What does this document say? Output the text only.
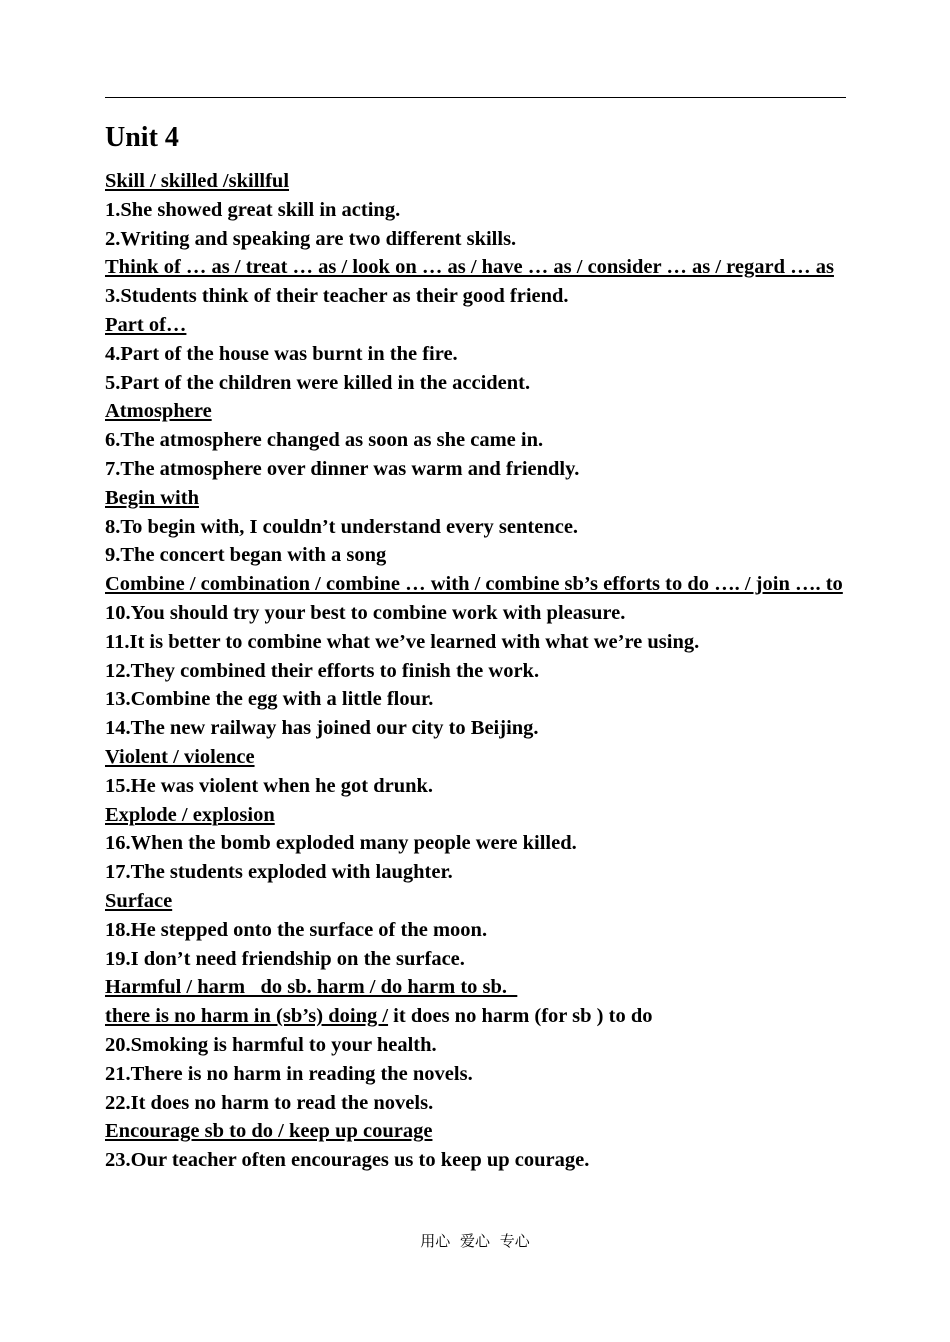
Unit 4
Skill / skilled /skillful
1.She showed great skill in acting.
2.Writing and speaking are two different skills.
Think of … as / treat … as / look on … as / have … as / consider … as / regard … as
3.Students think of their teacher as their good friend.
Part of…
4.Part of the house was burnt in the fire.
5.Part of the children were killed in the accident.
Atmosphere
6.The atmosphere changed as soon as she came in.
7.The atmosphere over dinner was warm and friendly.
Begin with
8.To begin with, I couldn’t understand every sentence.
9.The concert began with a song
Combine / combination / combine … with / combine sb’s efforts to do …. / join …. to
10.You should try your best to combine work with pleasure.
11.It is better to combine what we’ve learned with what we’re using.
12.They combined their efforts to finish the work.
13.Combine the egg with a little flour.
14.The new railway has joined our city to Beijing.
Violent / violence
15.He was violent when he got drunk.
Explode / explosion
16.When the bomb exploded many people were killed.
17.The students exploded with laughter.
Surface
18.He stepped onto the surface of the moon.
19.I don’t need friendship on the surface.
Harmful / harm   do sb. harm / do harm to sb.
there is no harm in (sb’s) doing / it does no harm (for sb ) to do
20.Smoking is harmful to your health.
21.There is no harm in reading the novels.
22.It does no harm to read the novels.
Encourage sb to do / keep up courage
23.Our teacher often encourages us to keep up courage.
用心 爱心 专心
